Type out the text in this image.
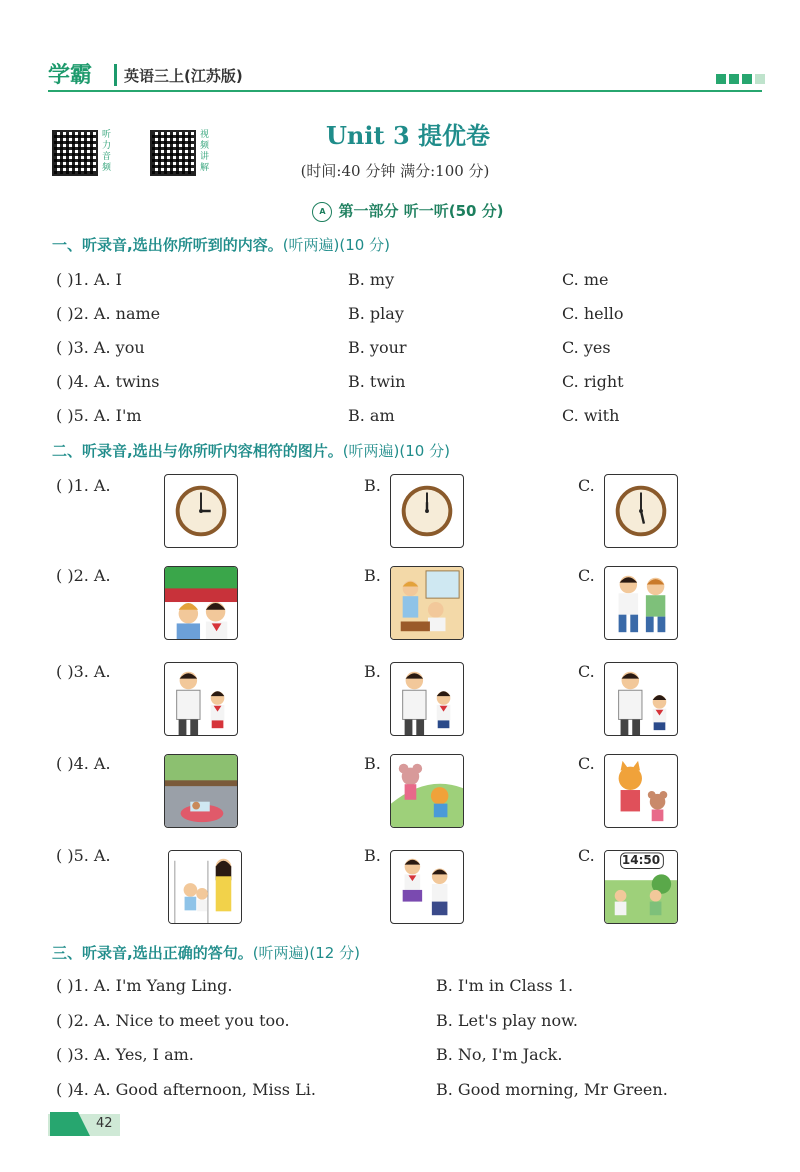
学霸 英语三上(江苏版)
听力音频
视频讲解
Unit 3 提优卷
(时间:40 分钟 满分:100 分)
A 第一部分 听一听(50 分)
一、听录音,选出你所听到的内容。(听两遍)(10 分)
( )1. A. I	B. my	C. me
( )2. A. name	B. play	C. hello
( )3. A. you	B. your	C. yes
( )4. A. twins	B. twin	C. right
( )5. A. I'm	B. am	C. with
二、听录音,选出与你所听内容相符的图片。(听两遍)(10 分)
( )1. A.	B.	C.
( )2. A.	B.	C.
( )3. A.	B.	C.
( )4. A.	B.	C.
( )5. A.	B.	C. 14:50
三、听录音,选出正确的答句。(听两遍)(12 分)
( )1. A. I'm Yang Ling.	B. I'm in Class 1.
( )2. A. Nice to meet you too.	B. Let's play now.
( )3. A. Yes, I am.	B. No, I'm Jack.
( )4. A. Good afternoon, Miss Li.	B. Good morning, Mr Green.
42
